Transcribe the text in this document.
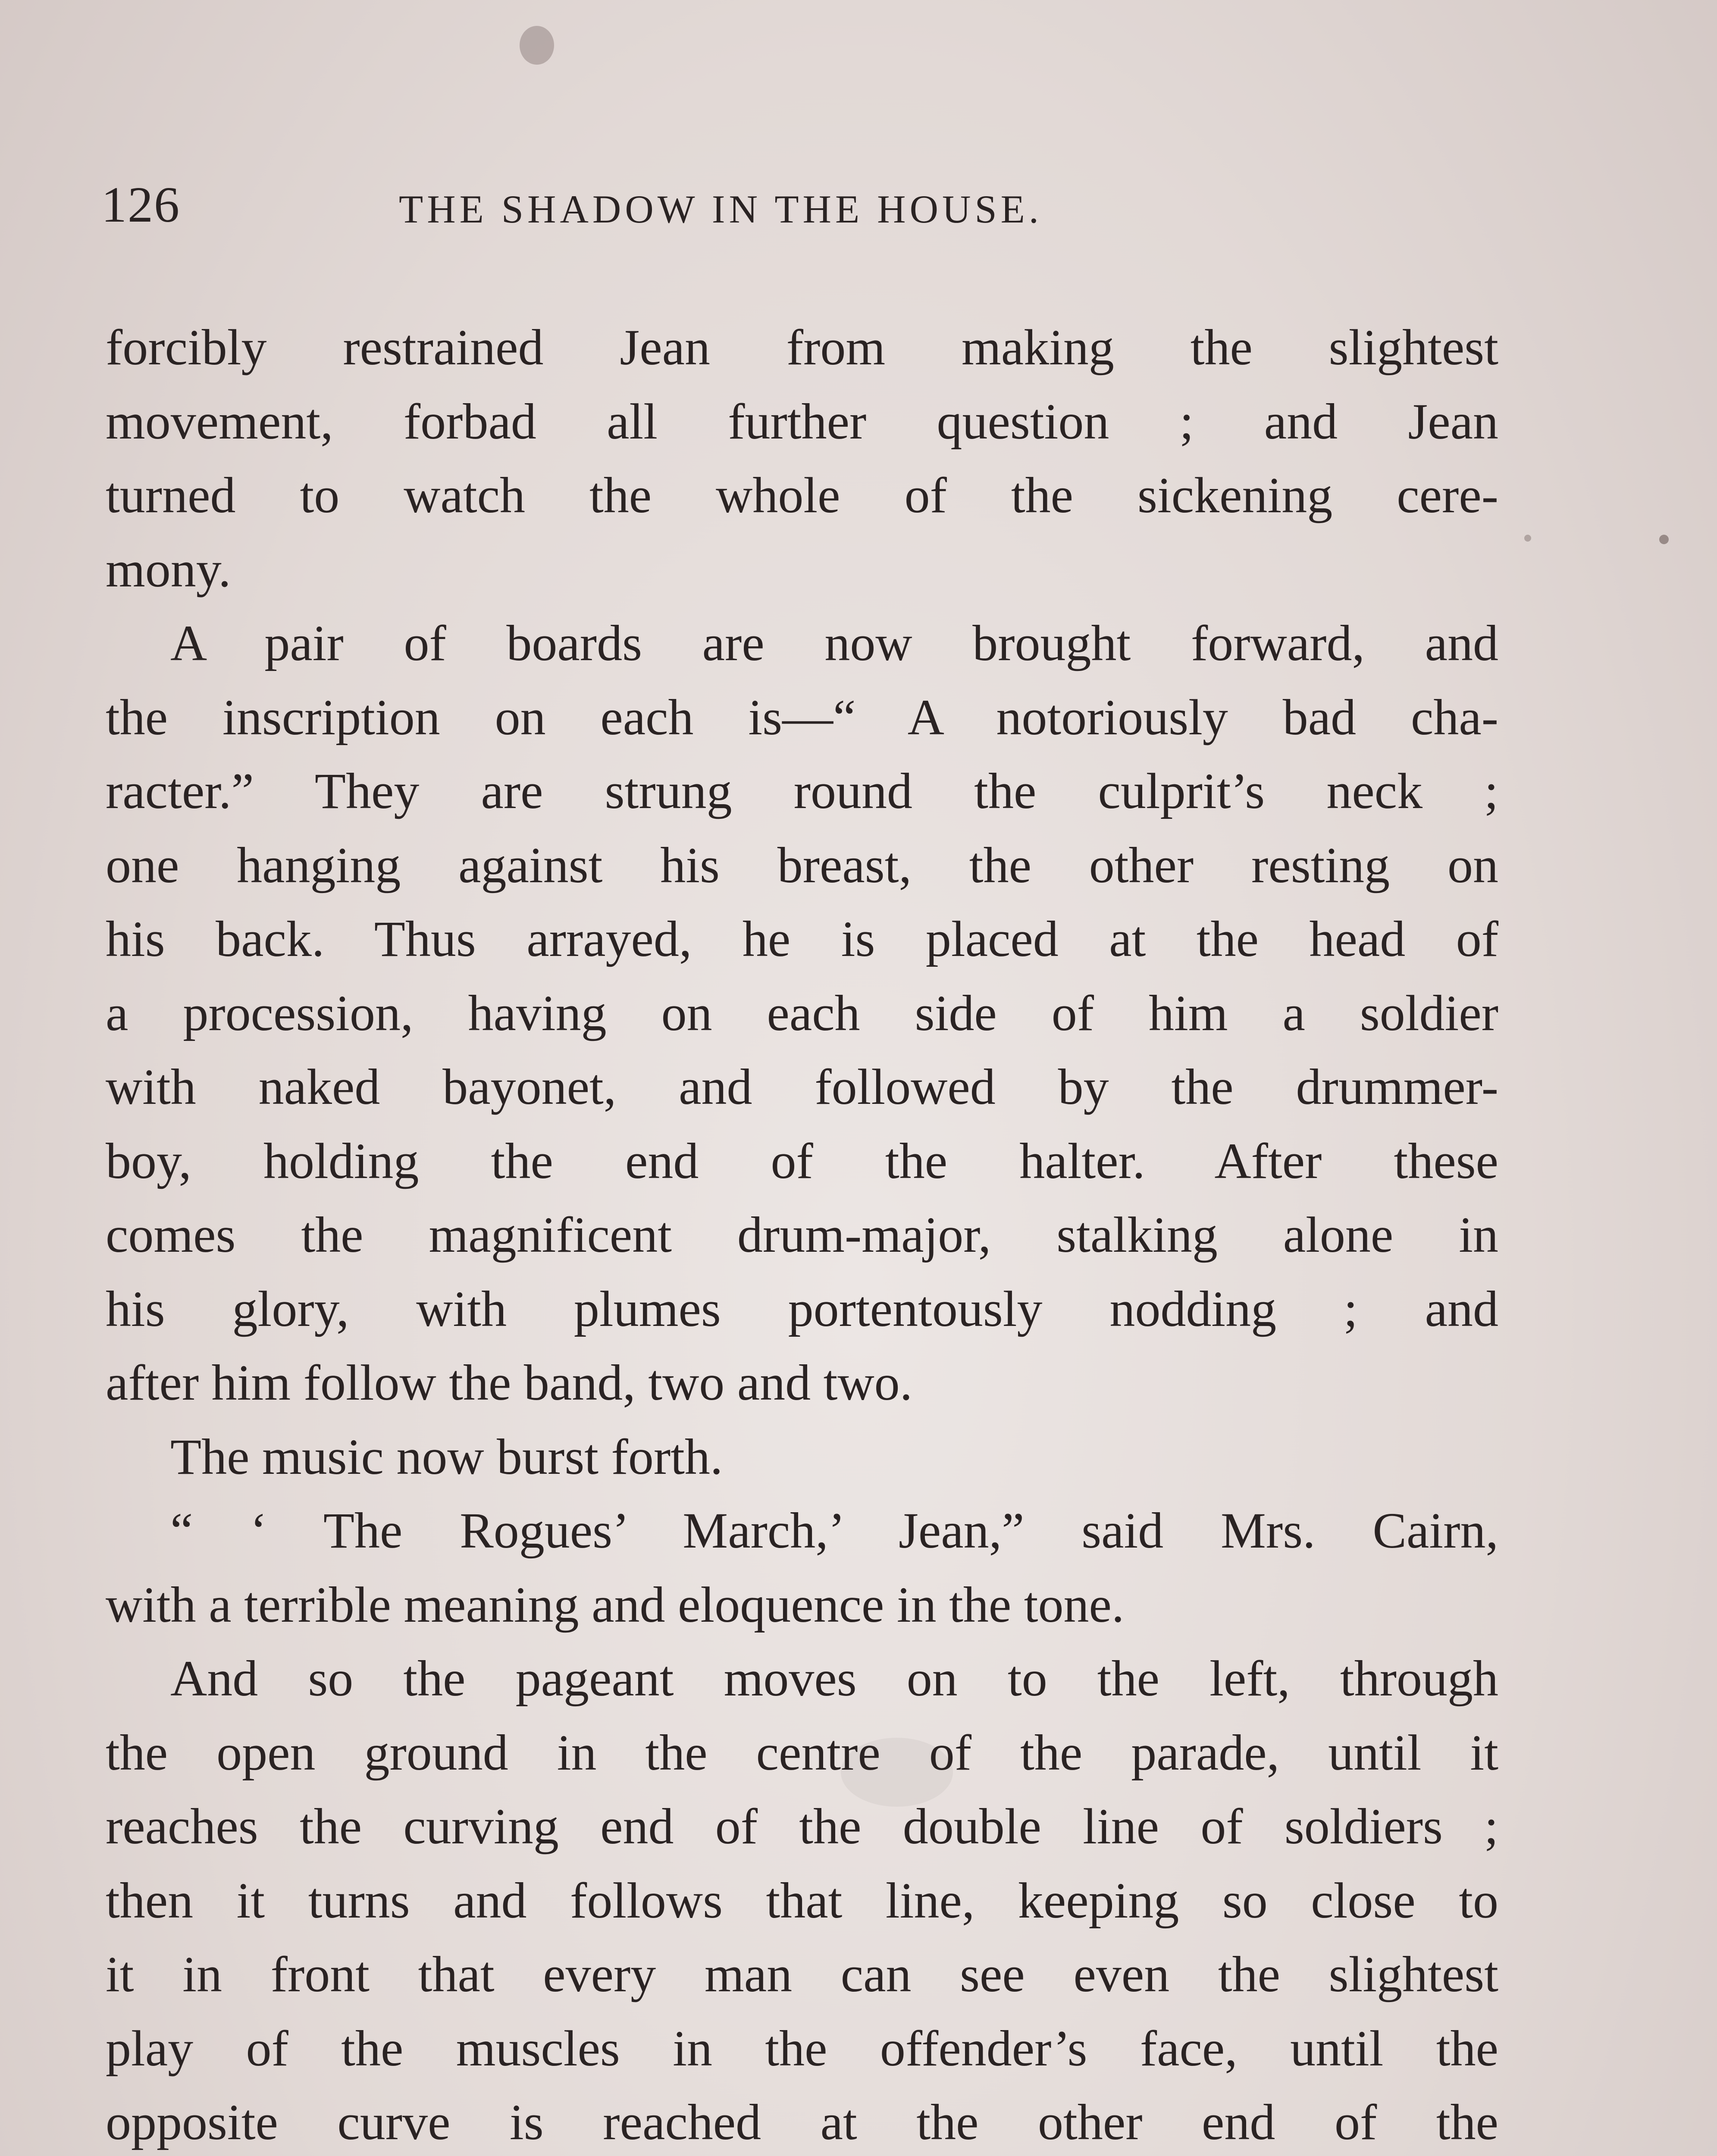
126	THE SHADOW IN THE HOUSE.

forcibly restrained Jean from making the slightest
movement, forbad all further question ; and Jean
turned to watch the whole of the sickening cere-
mony.

A pair of boards are now brought forward, and
the inscription on each is—“ A notoriously bad cha-
racter.” They are strung round the culprit’s neck ;
one hanging against his breast, the other resting on
his back. Thus arrayed, he is placed at the head of
a procession, having on each side of him a soldier
with naked bayonet, and followed by the drummer-
boy, holding the end of the halter. After these
comes the magnificent drum-major, stalking alone in
his glory, with plumes portentously nodding ; and
after him follow the band, two and two.

The music now burst forth.

“ ‘ The Rogues’ March,’ Jean,” said Mrs. Cairn,
with a terrible meaning and eloquence in the tone.

And so the pageant moves on to the left, through
the open ground in the centre of the parade, until it
reaches the curving end of the double line of soldiers ;
then it turns and follows that line, keeping so close to
it in front that every man can see even the slightest
play of the muscles in the offender’s face, until the
opposite curve is reached at the other end of the
